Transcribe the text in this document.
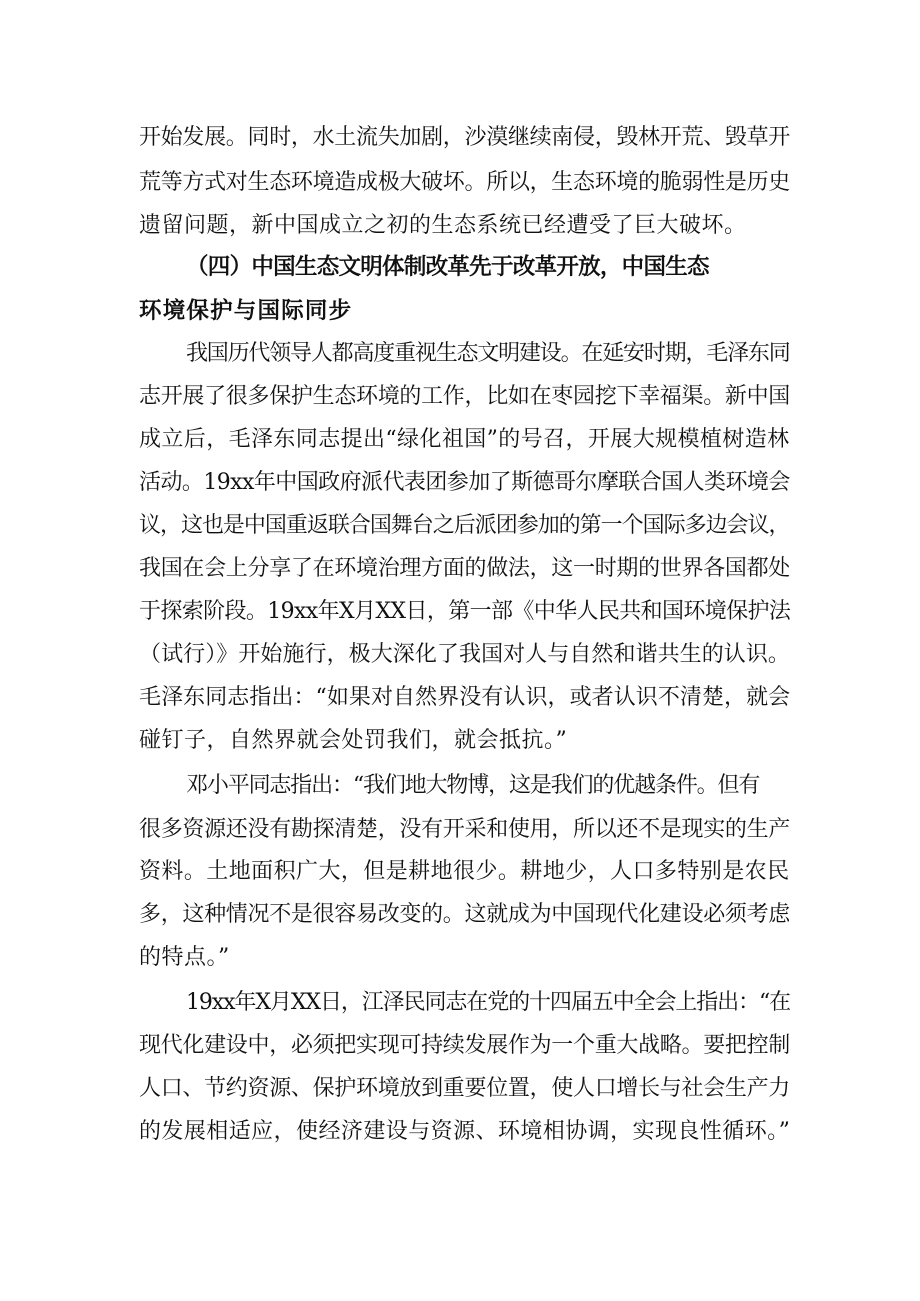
开始发展。同时，水土流失加剧，沙漠继续南侵，毁林开荒、毁草开
荒等方式对生态环境造成极大破坏。所以，生态环境的脆弱性是历史
遗留问题，新中国成立之初的生态系统已经遭受了巨大破坏。
（四）中国生态文明体制改革先于改革开放，中国生态
环境保护与国际同步
我国历代领导人都高度重视生态文明建设。在延安时期，毛泽东同
志开展了很多保护生态环境的工作，比如在枣园挖下幸福渠。新中国
成立后，毛泽东同志提出“绿化祖国”的号召，开展大规模植树造林
活动。19xx年中国政府派代表团参加了斯德哥尔摩联合国人类环境会
议，这也是中国重返联合国舞台之后派团参加的第一个国际多边会议，
我国在会上分享了在环境治理方面的做法，这一时期的世界各国都处
于探索阶段。19xx年X月XX日，第一部《中华人民共和国环境保护法
（试行）》开始施行，极大深化了我国对人与自然和谐共生的认识。
毛泽东同志指出：“如果对自然界没有认识，或者认识不清楚，就会
碰钉子，自然界就会处罚我们，就会抵抗。”
邓小平同志指出：“我们地大物博，这是我们的优越条件。但有
很多资源还没有勘探清楚，没有开采和使用，所以还不是现实的生产
资料。土地面积广大，但是耕地很少。耕地少，人口多特别是农民
多，这种情况不是很容易改变的。这就成为中国现代化建设必须考虑
的特点。”
19xx年X月XX日，江泽民同志在党的十四届五中全会上指出：“在
现代化建设中，必须把实现可持续发展作为一个重大战略。要把控制
人口、节约资源、保护环境放到重要位置，使人口增长与社会生产力
的发展相适应，使经济建设与资源、环境相协调，实现良性循环。”
